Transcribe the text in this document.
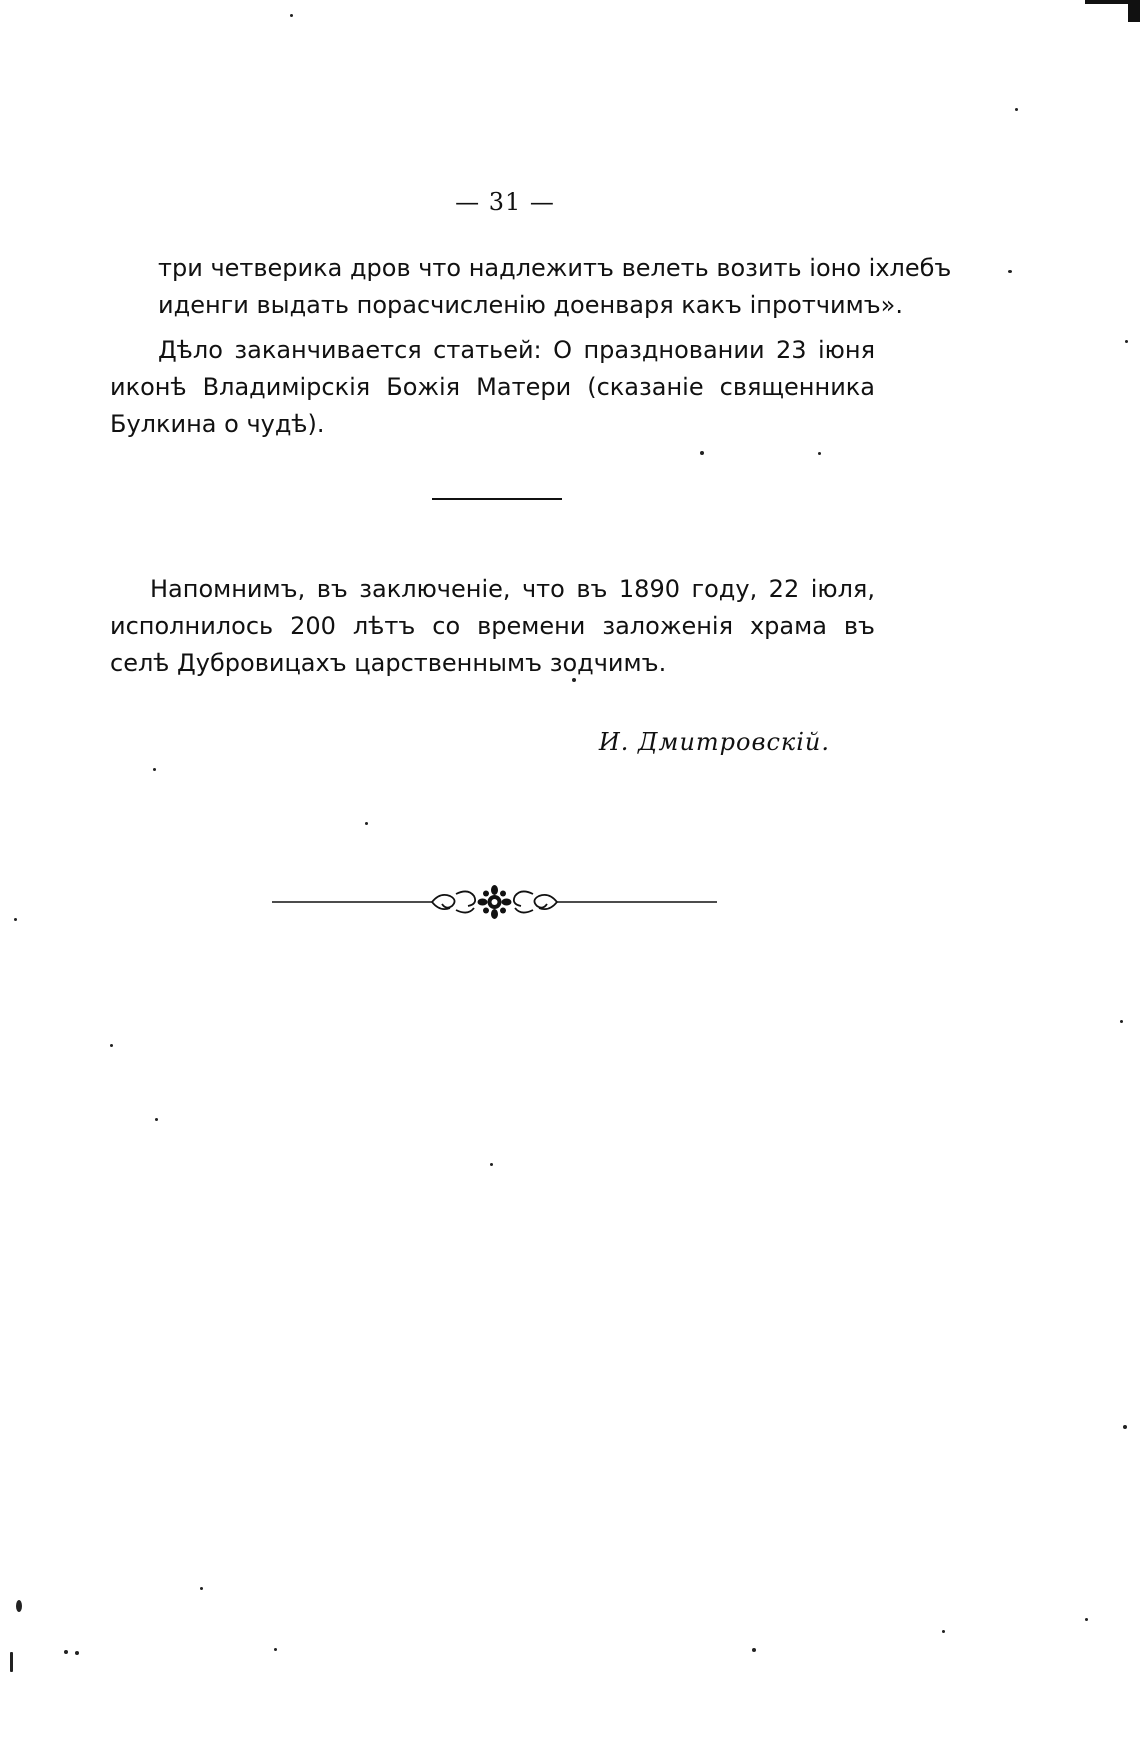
— 31 —
три четверика дров что надлежитъ велеть возить іоно іхлебъ
иденги выдать порасчисленію доенваря какъ іпротчимъ».
Дѣло заканчивается статьей: О праздновании 23 іюня иконѣ Владимірскія Божія Матери (сказаніе священника Булкина о чудѣ).
Напомнимъ, въ заключеніе, что въ 1890 году, 22 іюля, исполнилось 200 лѣтъ со времени заложенія храма въ селѣ Дубровицахъ царственнымъ зодчимъ.
И. Дмитровскій.
